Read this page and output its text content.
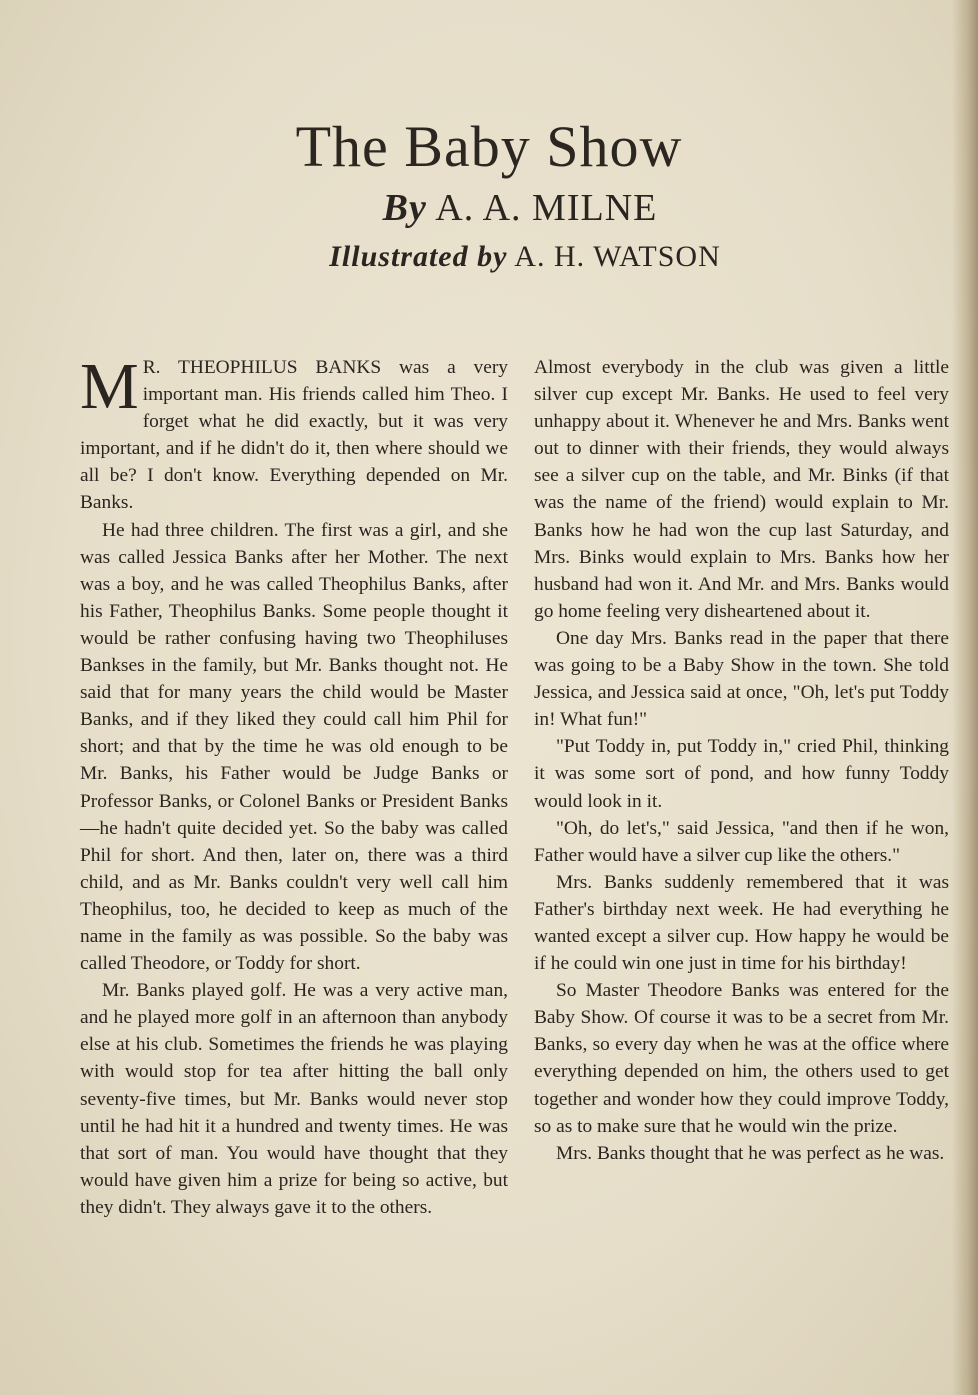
The Baby Show
By A. A. MILNE
Illustrated by A. H. WATSON

M R. THEOPHILUS BANKS was a very important man. His friends called him Theo. I forget what he did exactly, but it was very important, and if he didn't do it, then where should we all be? I don't know. Everything depended on Mr. Banks.

He had three children. The first was a girl, and she was called Jessica Banks after her Mother. The next was a boy, and he was called Theophilus Banks, after his Father, Theophilus Banks. Some people thought it would be rather confusing having two Theophiluses Bankses in the family, but Mr. Banks thought not. He said that for many years the child would be Master Banks, and if they liked they could call him Phil for short; and that by the time he was old enough to be Mr. Banks, his Father would be Judge Banks or Professor Banks, or Colonel Banks or President Banks—he hadn't quite decided yet. So the baby was called Phil for short. And then, later on, there was a third child, and as Mr. Banks couldn't very well call him Theophilus, too, he decided to keep as much of the name in the family as was possible. So the baby was called Theodore, or Toddy for short.

Mr. Banks played golf. He was a very active man, and he played more golf in an afternoon than anybody else at his club. Sometimes the friends he was playing with would stop for tea after hitting the ball only seventy-five times, but Mr. Banks would never stop until he had hit it a hundred and twenty times. He was that sort of man. You would have thought that they would have given him a prize for being so active, but they didn't. They always gave it to the others.

Almost everybody in the club was given a little silver cup except Mr. Banks. He used to feel very unhappy about it. Whenever he and Mrs. Banks went out to dinner with their friends, they would always see a silver cup on the table, and Mr. Binks (if that was the name of the friend) would explain to Mr. Banks how he had won the cup last Saturday, and Mrs. Binks would explain to Mrs. Banks how her husband had won it. And Mr. and Mrs. Banks would go home feeling very disheartened about it.

One day Mrs. Banks read in the paper that there was going to be a Baby Show in the town. She told Jessica, and Jessica said at once, "Oh, let's put Toddy in! What fun!"

"Put Toddy in, put Toddy in," cried Phil, thinking it was some sort of pond, and how funny Toddy would look in it.

"Oh, do let's," said Jessica, "and then if he won, Father would have a silver cup like the others."

Mrs. Banks suddenly remembered that it was Father's birthday next week. He had everything he wanted except a silver cup. How happy he would be if he could win one just in time for his birthday!

So Master Theodore Banks was entered for the Baby Show. Of course it was to be a secret from Mr. Banks, so every day when he was at the office where everything depended on him, the others used to get together and wonder how they could improve Toddy, so as to make sure that he would win the prize.

Mrs. Banks thought that he was perfect as he was.
